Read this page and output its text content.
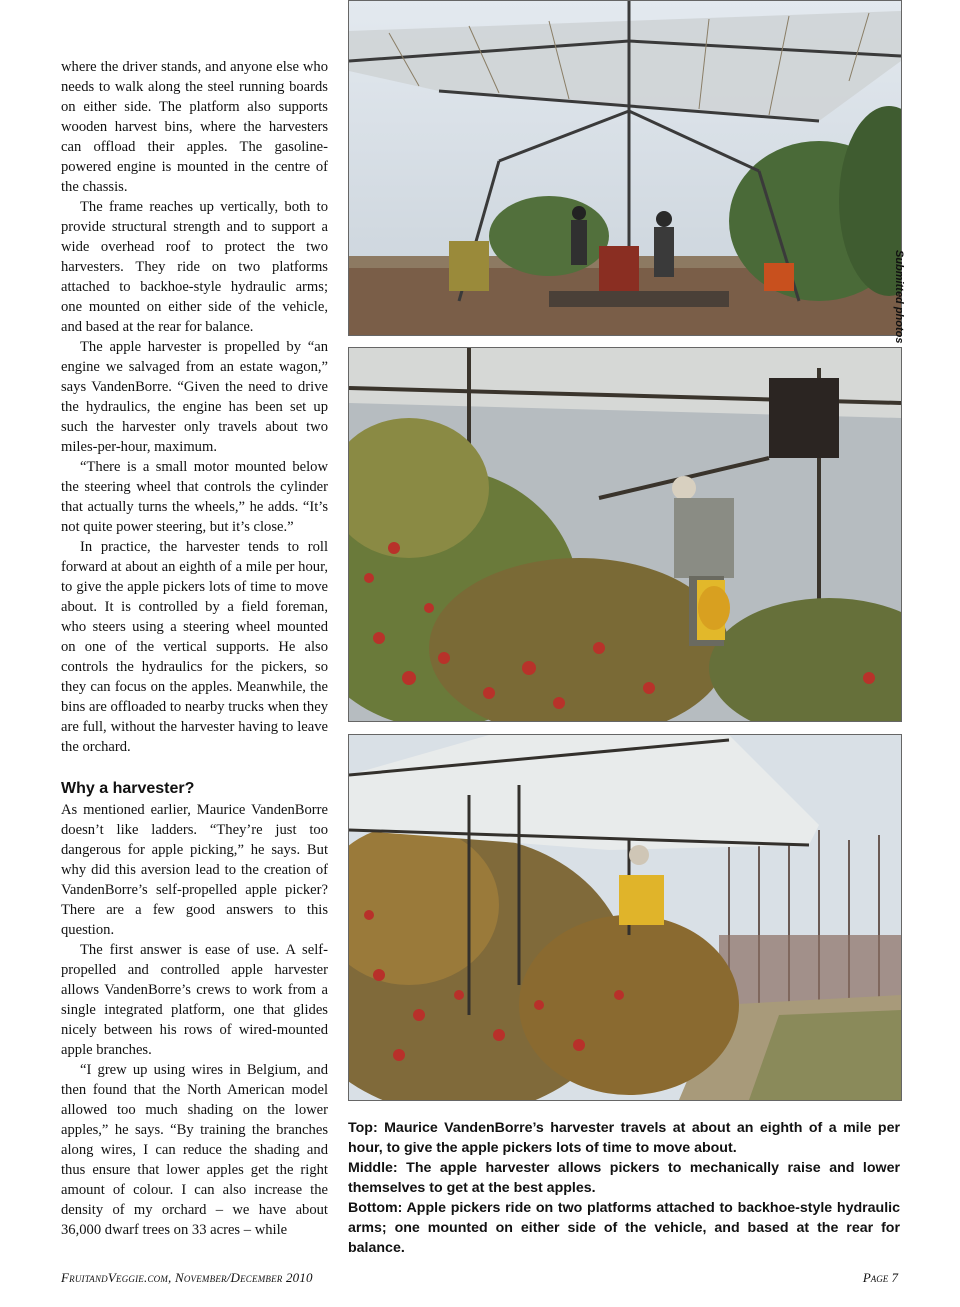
where the driver stands, and anyone else who needs to walk along the steel running boards on either side. The platform also supports wooden harvest bins, where the harvesters can offload their apples. The gasoline-powered engine is mounted in the centre of the chassis.

The frame reaches up vertically, both to provide structural strength and to support a wide overhead roof to protect the two harvesters. They ride on two platforms attached to backhoe-style hydraulic arms; one mounted on either side of the vehicle, and based at the rear for balance.

The apple harvester is propelled by “an engine we salvaged from an estate wagon,” says VandenBorre. “Given the need to drive the hydraulics, the engine has been set up such the harvester only travels about two miles-per-hour, maximum.

“There is a small motor mounted below the steering wheel that controls the cylinder that actually turns the wheels,” he adds. “It’s not quite power steering, but it’s close.”

In practice, the harvester tends to roll forward at about an eighth of a mile per hour, to give the apple pickers lots of time to move about. It is controlled by a field foreman, who steers using a steering wheel mounted on one of the vertical supports. He also controls the hydraulics for the pickers, so they can focus on the apples. Meanwhile, the bins are offloaded to nearby trucks when they are full, without the harvester having to leave the orchard.

Why a harvester?

As mentioned earlier, Maurice VandenBorre doesn’t like ladders. “They’re just too dangerous for apple picking,” he says. But why did this aversion lead to the creation of VandenBorre’s self-propelled apple picker? There are a few good answers to this question.

The first answer is ease of use. A self-propelled and controlled apple harvester allows VandenBorre’s crews to work from a single integrated platform, one that glides nicely between his rows of wired-mounted apple branches.

“I grew up using wires in Belgium, and then found that the North American model allowed too much shading on the lower apples,” he says. “By training the branches along wires, I can reduce the shading and thus ensure that lower apples get the right amount of colour. I can also increase the density of my orchard – we have about 36,000 dwarf trees on 33 acres – while

Submitted photos

Top: Maurice VandenBorre’s harvester travels at about an eighth of a mile per hour, to give the apple pickers lots of time to move about.

Middle: The apple harvester allows pickers to mechanically raise and lower themselves to get at the best apples.

Bottom: Apple pickers ride on two platforms attached to backhoe-style hydraulic arms; one mounted on either side of the vehicle, and based at the rear for balance.

FruitandVeggie.com, November/December 2010	Page 7
